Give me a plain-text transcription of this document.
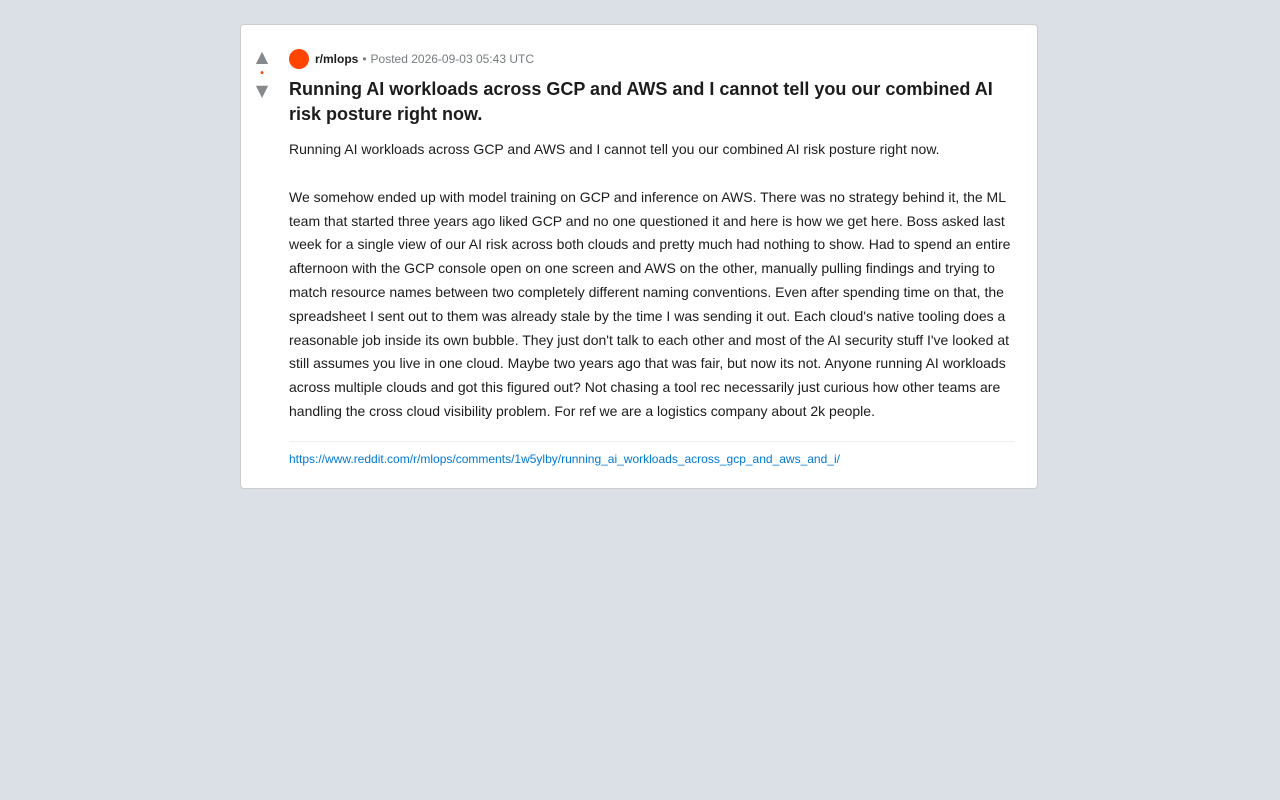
▲
•
▼
r/mlops • Posted 2026-09-03 05:43 UTC
Running AI workloads across GCP and AWS and I cannot tell you our combined AI risk posture right now.

Running AI workloads across GCP and AWS and I cannot tell you our combined AI risk posture right now.

We somehow ended up with model training on GCP and inference on AWS. There was no strategy behind it, the ML team that started three years ago liked GCP and no one questioned it and here is how we get here. Boss asked last week for a single view of our AI risk across both clouds and pretty much had nothing to show. Had to spend an entire afternoon with the GCP console open on one screen and AWS on the other, manually pulling findings and trying to match resource names between two completely different naming conventions. Even after spending time on that, the spreadsheet I sent out to them was already stale by the time I was sending it out. Each cloud's native tooling does a reasonable job inside its own bubble. They just don't talk to each other and most of the AI security stuff I've looked at still assumes you live in one cloud. Maybe two years ago that was fair, but now its not. Anyone running AI workloads across multiple clouds and got this figured out? Not chasing a tool rec necessarily just curious how other teams are handling the cross cloud visibility problem. For ref we are a logistics company about 2k people.

https://www.reddit.com/r/mlops/comments/1w5ylby/running_ai_workloads_across_gcp_and_aws_and_i/
